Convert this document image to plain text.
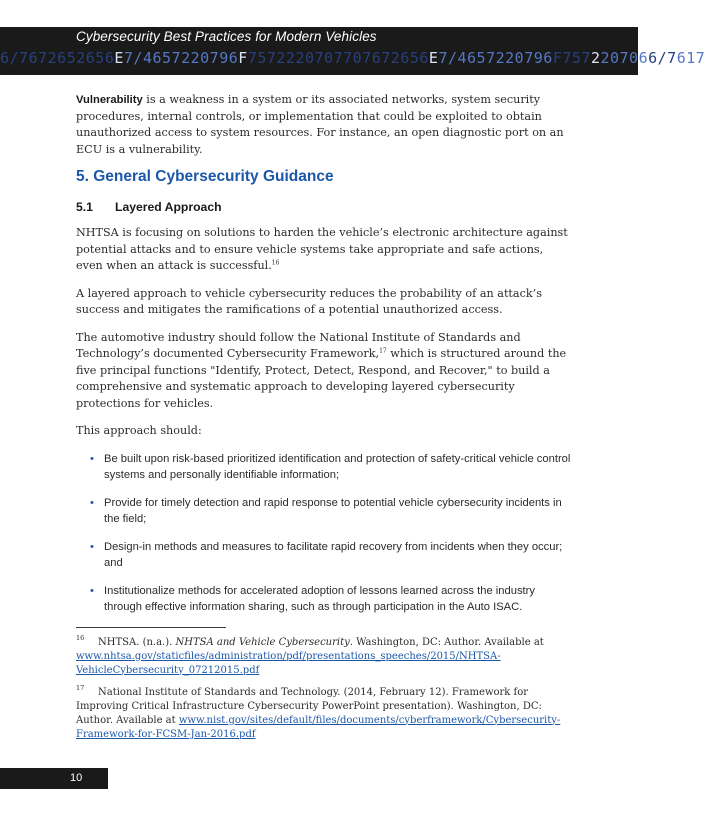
Cybersecurity Best Practices for Modern Vehicles
6/7672652656E7/4657220796F7572220707707672656E7/4657220796F7572207066/7617

Vulnerability is a weakness in a system or its associated networks, system security procedures, internal controls, or implementation that could be exploited to obtain unauthorized access to system resources. For instance, an open diagnostic port on an ECU is a vulnerability.

5. General Cybersecurity Guidance
5.1 Layered Approach

NHTSA is focusing on solutions to harden the vehicle’s electronic architecture against potential attacks and to ensure vehicle systems take appropriate and safe actions, even when an attack is successful.$^{16}$

A layered approach to vehicle cybersecurity reduces the probability of an attack’s success and mitigates the ramifications of a potential unauthorized access.

The automotive industry should follow the National Institute of Standards and Technology’s documented Cybersecurity Framework,$^{17}$ which is structured around the five principal functions "Identify, Protect, Detect, Respond, and Recover," to build a comprehensive and systematic approach to developing layered cybersecurity protections for vehicles.

This approach should:

• Be built upon risk-based prioritized identification and protection of safety-critical vehicle control systems and personally identifiable information;
• Provide for timely detection and rapid response to potential vehicle cybersecurity incidents in the field;
• Design-in methods and measures to facilitate rapid recovery from incidents when they occur; and
• Institutionalize methods for accelerated adoption of lessons learned across the industry through effective information sharing, such as through participation in the Auto ISAC.

16 NHTSA. (n.a.). NHTSA and Vehicle Cybersecurity. Washington, DC: Author. Available at www.nhtsa.gov/staticfiles/administration/pdf/presentations_speeches/2015/NHTSA-VehicleCybersecurity_07212015.pdf

17 National Institute of Standards and Technology. (2014, February 12). Framework for Improving Critical Infrastructure Cybersecurity PowerPoint presentation). Washington, DC: Author. Available at www.nist.gov/sites/default/files/documents/cyberframework/Cybersecurity-Framework-for-FCSM-Jan-2016.pdf

10
